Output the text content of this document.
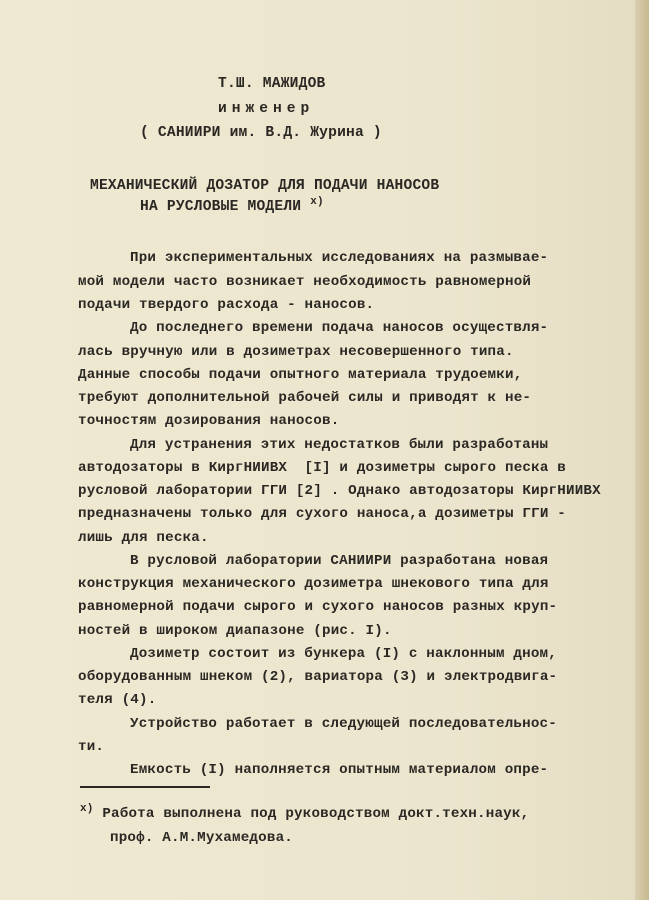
Т.Ш. МАЖИДОВ
инженер
( САНИИРИ им. В.Д. Журина )
МЕХАНИЧЕСКИЙ ДОЗАТОР ДЛЯ ПОДАЧИ НАНОСОВ
НА РУСЛОВЫЕ МОДЕЛИ $^{x)}$
При экспериментальных исследованиях на размывае-
мой модели часто возникает необходимость равномерной
подачи твердого расхода - наносов.
До последнего времени подача наносов осуществля-
лась вручную или в дозиметрах несовершенного типа.
Данные способы подачи опытного материала трудоемки,
требуют дополнительной рабочей силы и приводят к не-
точностям дозирования наносов.
Для устранения этих недостатков были разработаны
автодозаторы в КиргНИИВХ  [I] и дозиметры сырого песка в
русловой лаборатории ГГИ [2] . Однако автодозаторы КиргНИИВХ
предназначены только для сухого наноса,а дозиметры ГГИ -
лишь для песка.
В русловой лаборатории САНИИРИ разработана новая
конструкция механического дозиметра шнекового типа для
равномерной подачи сырого и сухого наносов разных круп-
ностей в широком диапазоне (рис. I).
Дозиметр состоит из бункера (I) с наклонным дном,
оборудованным шнеком (2), вариатора (3) и электродвига-
теля (4).
Устройство работает в следующей последовательнос-
ти.
Емкость (I) наполняется опытным материалом опре-
$^{x)}$ Работа выполнена под руководством докт.техн.наук,
проф. А.М.Мухамедова.
